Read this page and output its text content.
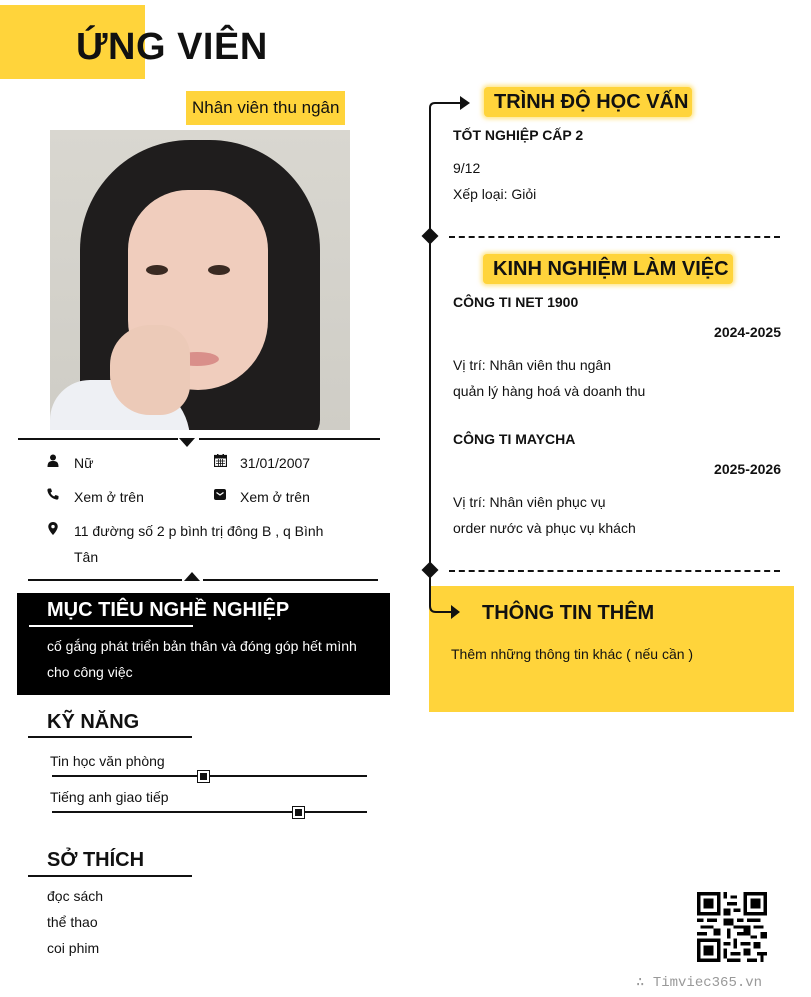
ỨNG VIÊN
Nhân viên thu ngân
Nữ	31/01/2007
Xem ở trên	Xem ở trên
11 đường số 2 p bình trị đông B , q Bình Tân
MỤC TIÊU NGHỀ NGHIỆP
cố gắng phát triển bản thân và đóng góp hết mình cho công việc
KỸ NĂNG
Tin học văn phòng
Tiếng anh giao tiếp
SỞ THÍCH
đọc sách
thể thao
coi phim
TRÌNH ĐỘ HỌC VẤN
TỐT NGHIỆP CẤP 2
9/12
Xếp loại: Giỏi
KINH NGHIỆM LÀM VIỆC
CÔNG TI NET 1900
2024-2025
Vị trí: Nhân viên thu ngân
quản lý hàng hoá và doanh thu
CÔNG TI MAYCHA
2025-2026
Vị trí: Nhân viên phục vụ
order nước và phục vụ khách
THÔNG TIN THÊM
Thêm những thông tin khác ( nếu cần )
∴ Timviec365.vn
